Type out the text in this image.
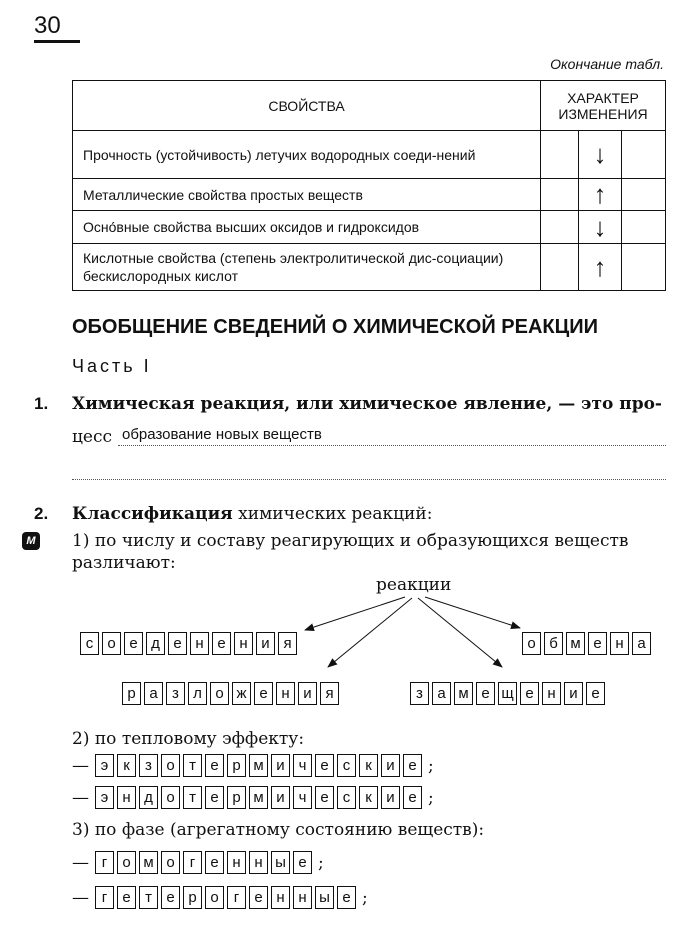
30
Окончание табл.
СВОЙСТВА	ХАРАКТЕР ИЗМЕНЕНИЯ
Прочность (устойчивость) летучих водородных соеди-нений	↓

Металлические свойства простых веществ	↑

Осно́вные свойства высших оксидов и гидроксидов	↓

Кислотные свойства (степень электролитической дис-социации) бескислородных кислот	↑
ОБОБЩЕНИЕ СВЕДЕНИЙ О ХИМИЧЕСКОЙ РЕАКЦИИ
Часть I
1. Химическая реакция, или химическое явление, — это про-
цесс образование новых веществ
2. Классификация химических реакций:
М 1) по числу и составу реагирующих и образующихся веществ различают:
реакции
с о е д е н е н и я	о б м е н а
р а з л о ж е н и я	з а м е щ е н и е
2) по тепловому эффекту:
— э к	з о т е р м и ч е с к и е ;
— э н д о т е р м и ч е с к и е ;
3) по фазе (агрегатному состоянию веществ):
— г	о м о	г	е н н ы е ;
— г	е т е р о	г	е н н ы е ;
